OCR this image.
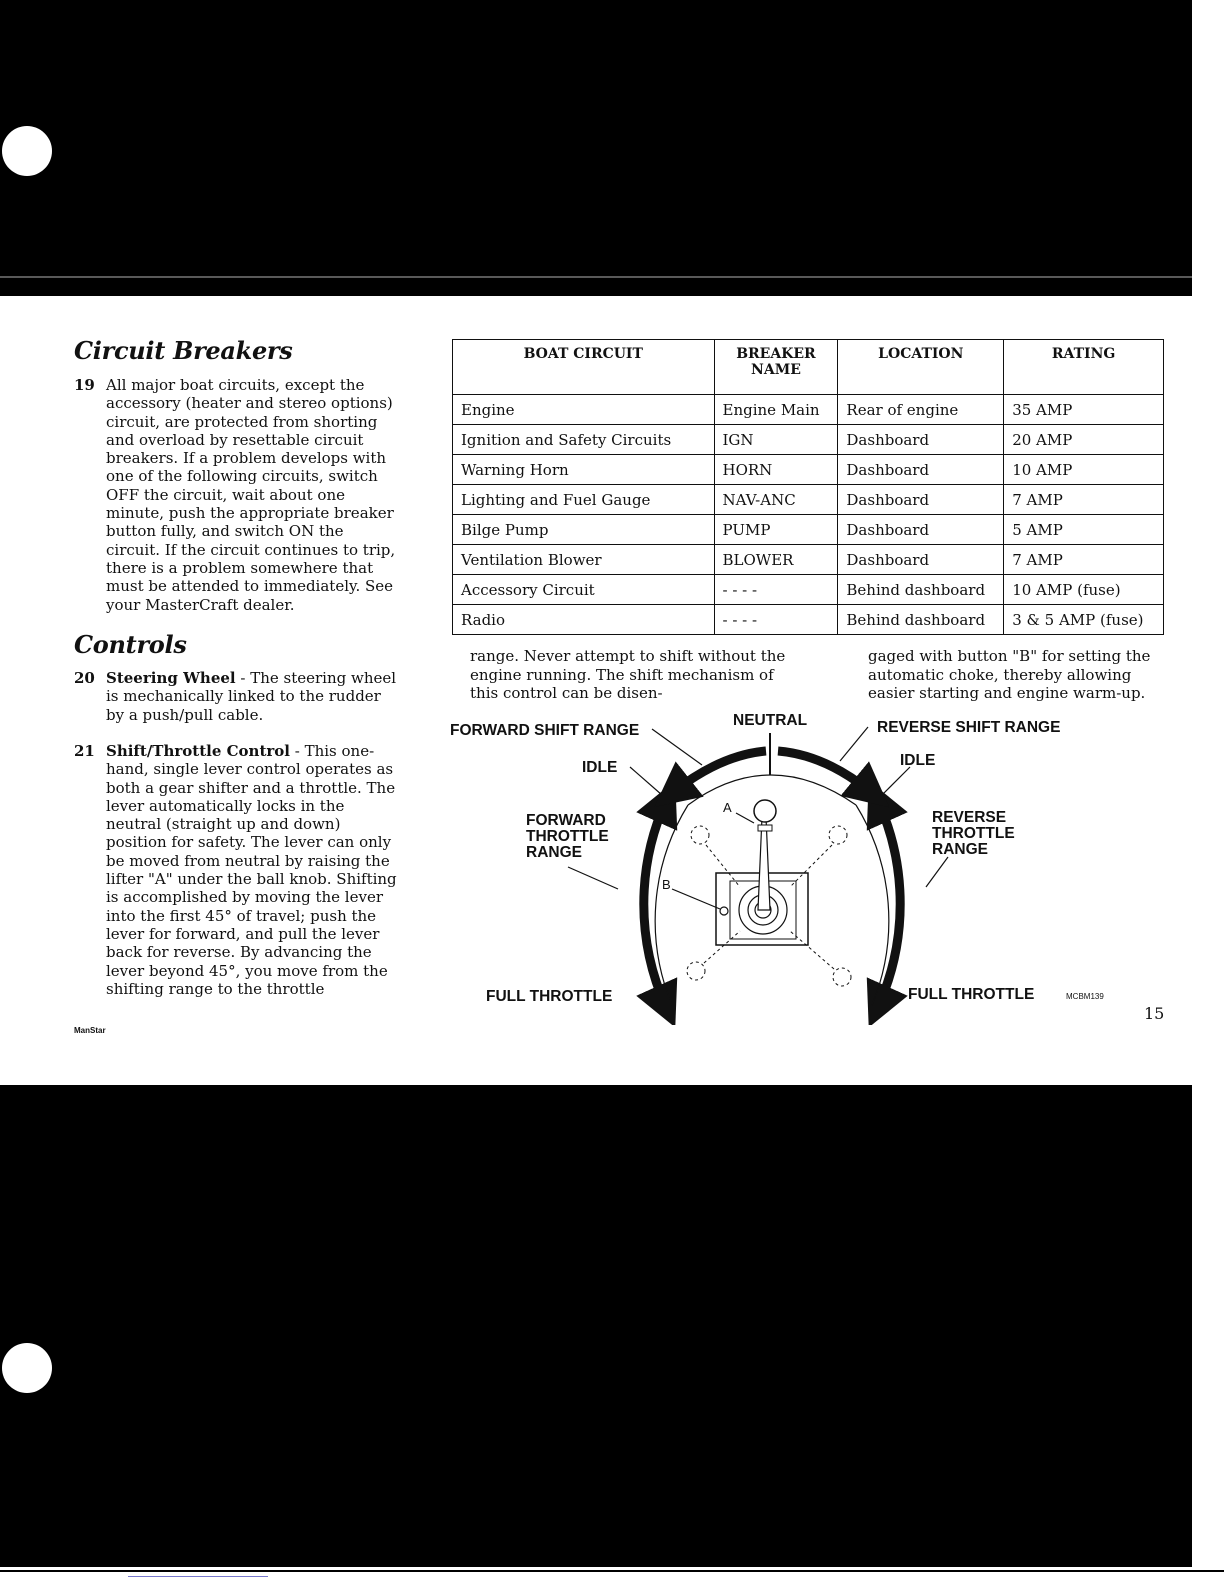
Circuit Breakers
19 All major boat circuits, except the accessory (heater and stereo options) circuit, are protected from shorting and overload by resettable circuit breakers. If a problem develops with one of the following circuits, switch OFF the circuit, wait about one minute, push the appropriate breaker button fully, and switch ON the circuit. If the circuit continues to trip, there is a problem somewhere that must be attended to immediately. See your MasterCraft dealer.
Controls
20 Steering Wheel - The steering wheel is mechanically linked to the rudder by a push/pull cable.
21 Shift/Throttle Control - This one-hand, single lever control operates as both a gear shifter and a throttle. The lever automatically locks in the neutral (straight up and down) position for safety. The lever can only be moved from neutral by raising the lifter "A" under the ball knob. Shifting is accomplished by moving the lever into the first 45° of travel; push the lever for forward, and pull the lever back for reverse. By advancing the lever beyond 45°, you move from the shifting range to the throttle
BOAT CIRCUIT	BREAKER NAME	LOCATION	RATING
Engine	Engine Main	Rear of engine	35 AMP
Ignition and Safety Circuits	IGN	Dashboard	20 AMP
Warning Horn	HORN	Dashboard	10 AMP
Lighting and Fuel Gauge	NAV-ANC	Dashboard	7 AMP
Bilge Pump	PUMP	Dashboard	5 AMP
Ventilation Blower	BLOWER	Dashboard	7 AMP
Accessory Circuit	- - - -	Behind dashboard	10 AMP (fuse)
Radio	- - - -	Behind dashboard	3 & 5 AMP (fuse)
range. Never attempt to shift without the engine running. The shift mechanism of this control can be disen-
gaged with button "B" for setting the automatic choke, thereby allowing easier starting and engine warm-up.
FORWARD SHIFT RANGE
NEUTRAL	REVERSE SHIFT RANGE
IDLE	IDLE
FORWARD
THROTTLE
RANGE
REVERSE
THROTTLE
RANGE
A
B
FULL THROTTLE	FULL THROTTLE	MCBM139
15
ManStar
